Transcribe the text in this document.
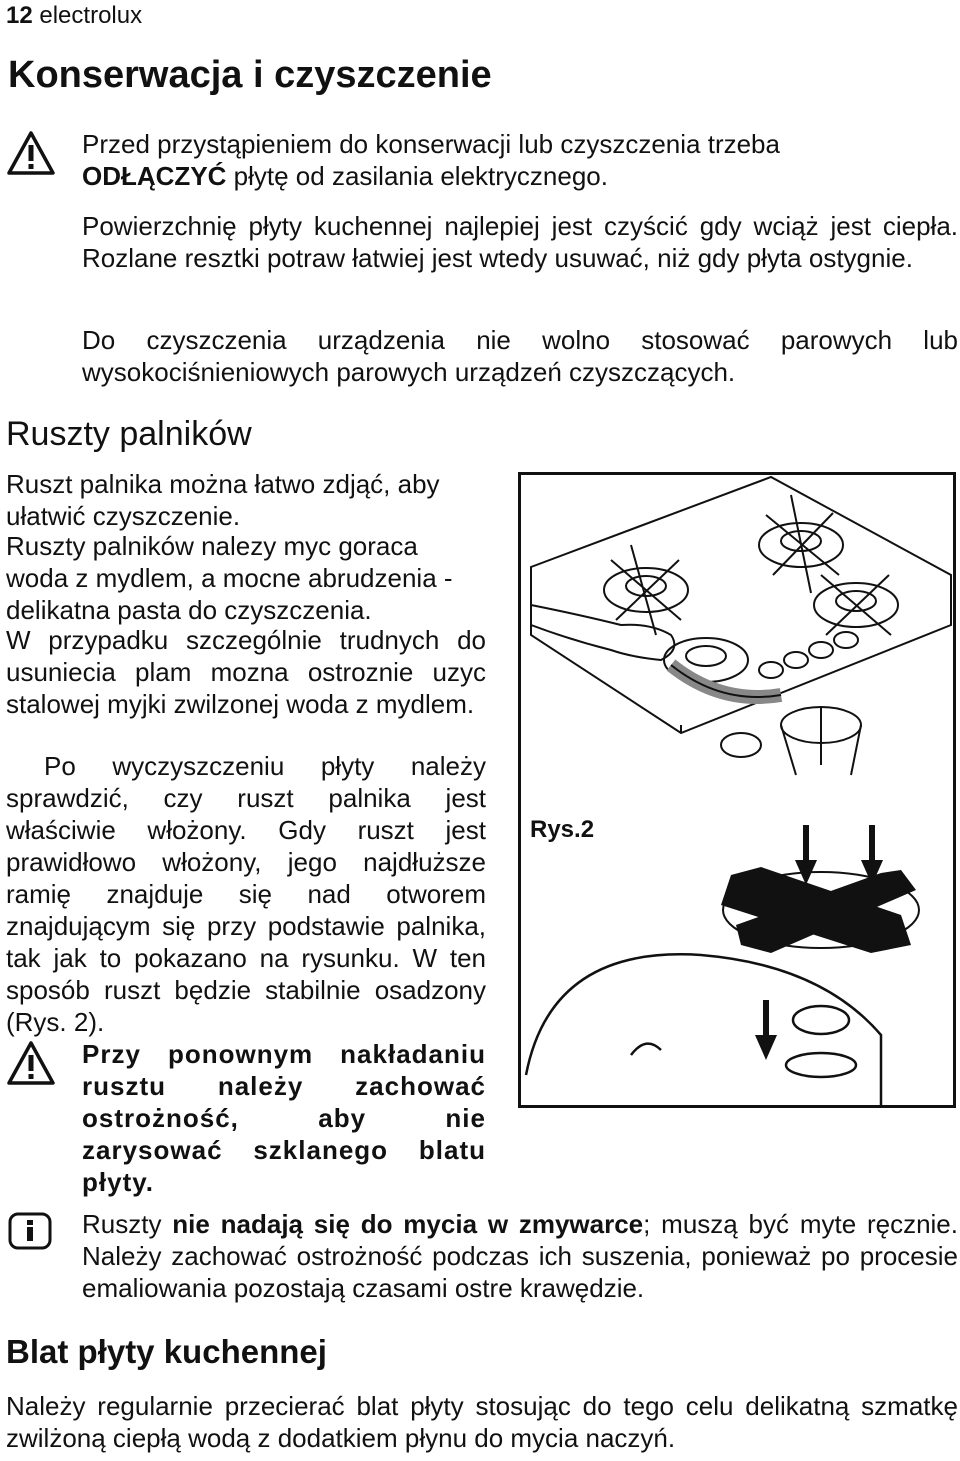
12 electrolux
Konserwacja i czyszczenie

Przed przystąpieniem do konserwacji lub czyszczenia trzeba
ODŁĄCZYĆ płytę od zasilania elektrycznego.

Powierzchnię płyty kuchennej najlepiej jest czyścić gdy wciąż jest ciepła. Rozlane resztki potraw łatwiej jest wtedy usuwać, niż gdy płyta ostygnie.

Do czyszczenia urządzenia nie wolno stosować parowych lub wysokociśnieniowych parowych urządzeń czyszczących.

Ruszty palników

Ruszt palnika można łatwo zdjąć, aby ułatwić czyszczenie.

Ruszty palników nalezy myc goraca woda z mydlem, a mocne abrudzenia - delikatna pasta do czyszczenia.

W przypadku szczególnie trudnych do usuniecia plam mozna ostroznie uzyc stalowej myjki zwilzonej woda z mydlem.

Po wyczyszczeniu płyty należy sprawdzić, czy ruszt palnika jest właściwie włożony. Gdy ruszt jest prawidłowo włożony, jego najdłuższe ramię znajduje się nad otworem znajdującym się przy podstawie palnika, tak jak to pokazano na rysunku. W ten sposób ruszt będzie stabilnie osadzony (Rys. 2).

Przy ponownym nakładaniu rusztu należy zachować ostrożność, aby nie zarysować szklanego blatu płyty.

Rys.2

Ruszty nie nadają się do mycia w zmywarce; muszą być myte ręcznie. Należy zachować ostrożność podczas ich suszenia, ponieważ po procesie emaliowania pozostają czasami ostre krawędzie.

Blat płyty kuchennej

Należy regularnie przecierać blat płyty stosując do tego celu delikatną szmatkę zwilżoną ciepłą wodą z dodatkiem płynu do mycia naczyń.
